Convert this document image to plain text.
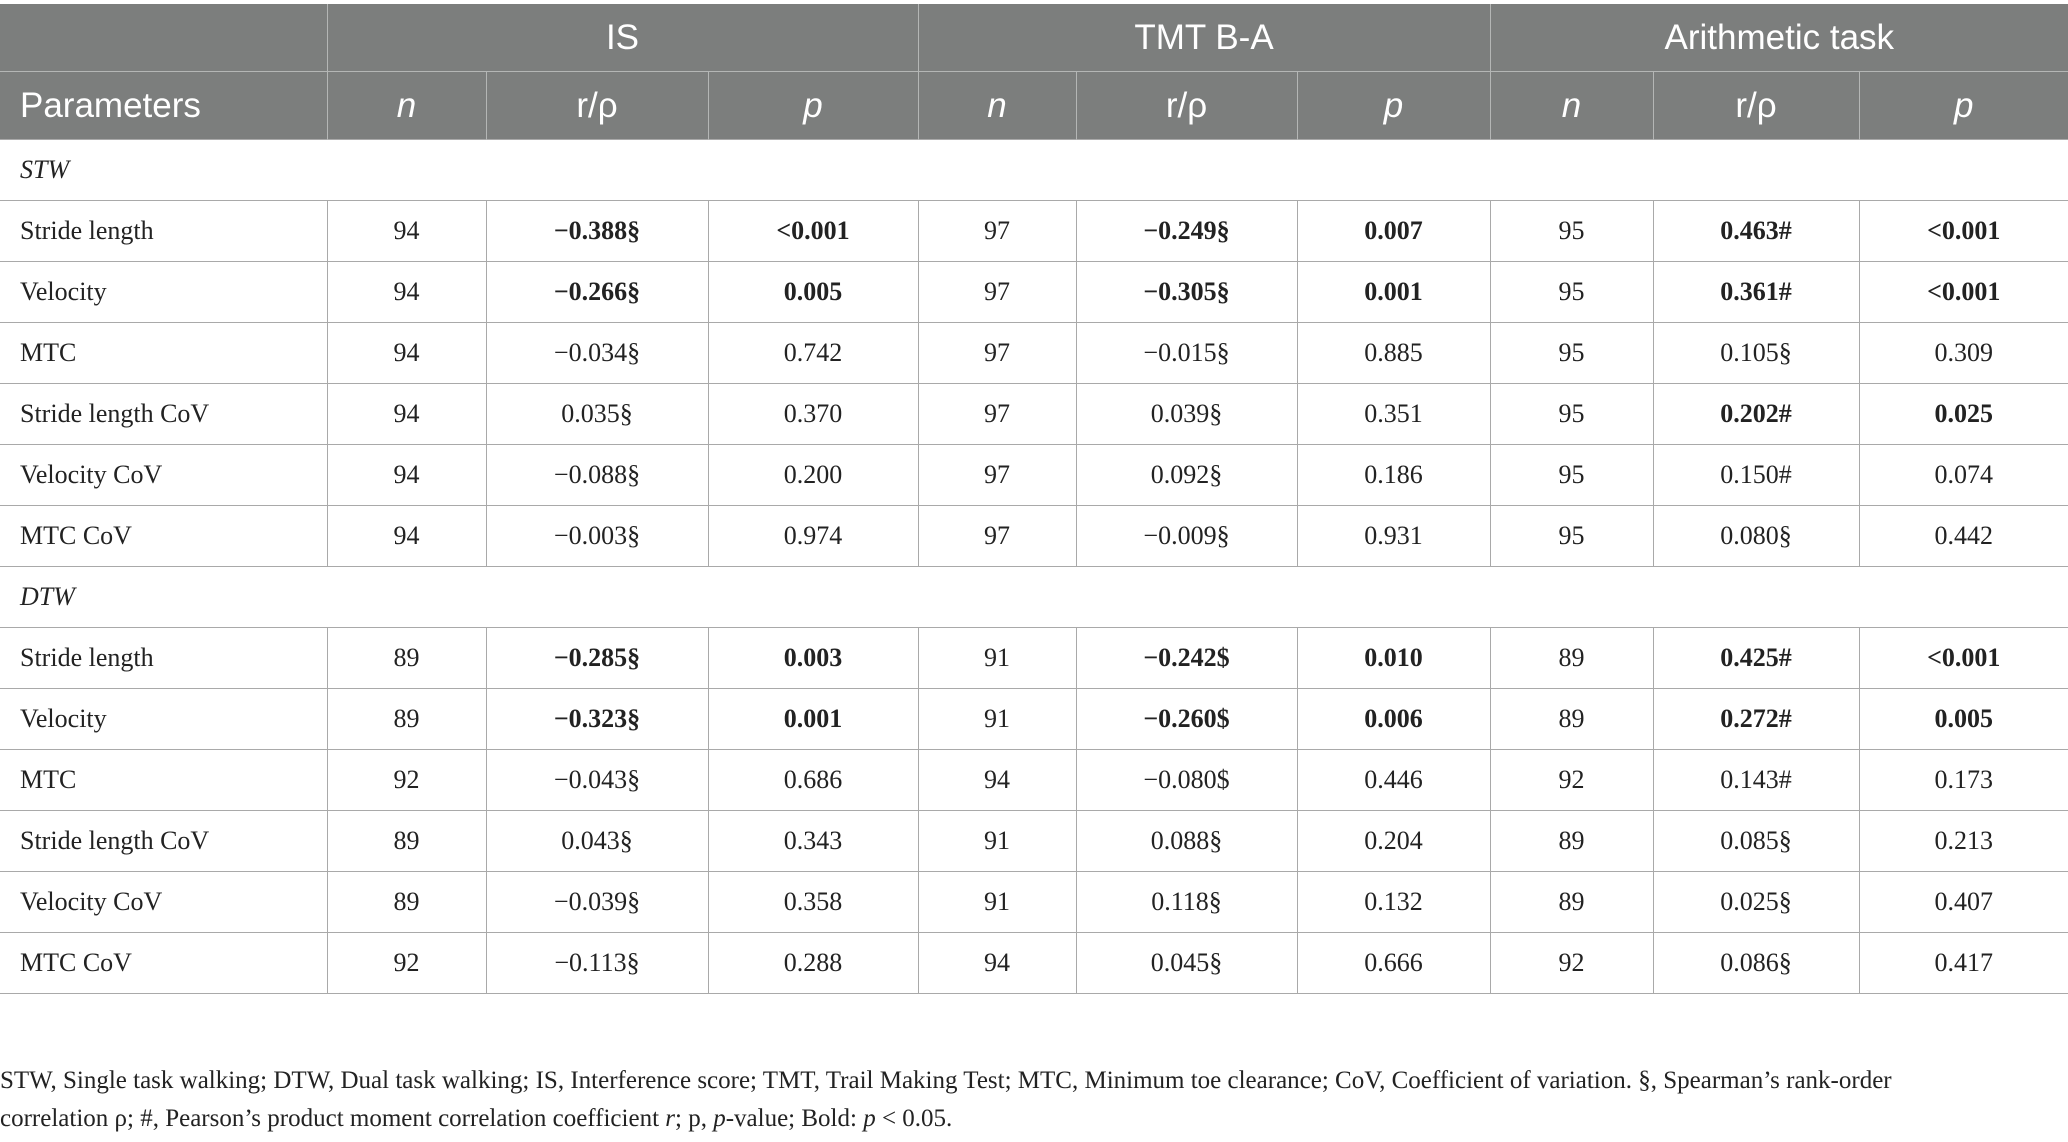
	IS			TMT B-A			Arithmetic task		
Parameters	n	r/ρ	p	n	r/ρ	p	n	r/ρ	p
STW									
Stride length	94	−0.388§	<0.001	97	−0.249§	0.007	95	0.463#	<0.001
Velocity	94	−0.266§	0.005	97	−0.305§	0.001	95	0.361#	<0.001
MTC	94	−0.034§	0.742	97	−0.015§	0.885	95	0.105§	0.309
Stride length CoV	94	0.035§	0.370	97	0.039§	0.351	95	0.202#	0.025
Velocity CoV	94	−0.088§	0.200	97	0.092§	0.186	95	0.150#	0.074
MTC CoV	94	−0.003§	0.974	97	−0.009§	0.931	95	0.080§	0.442
DTW									
Stride length	89	−0.285§	0.003	91	−0.242$	0.010	89	0.425#	<0.001
Velocity	89	−0.323§	0.001	91	−0.260$	0.006	89	0.272#	0.005
MTC	92	−0.043§	0.686	94	−0.080$	0.446	92	0.143#	0.173
Stride length CoV	89	0.043§	0.343	91	0.088§	0.204	89	0.085§	0.213
Velocity CoV	89	−0.039§	0.358	91	0.118§	0.132	89	0.025§	0.407
MTC CoV	92	−0.113§	0.288	94	0.045§	0.666	92	0.086§	0.417
STW, Single task walking; DTW, Dual task walking; IS, Interference score; TMT, Trail Making Test; MTC, Minimum toe clearance; CoV, Coefficient of variation. §, Spearman’s rank-order
correlation ρ; #, Pearson’s product moment correlation coefficient r; p, p-value; Bold: p < 0.05.
